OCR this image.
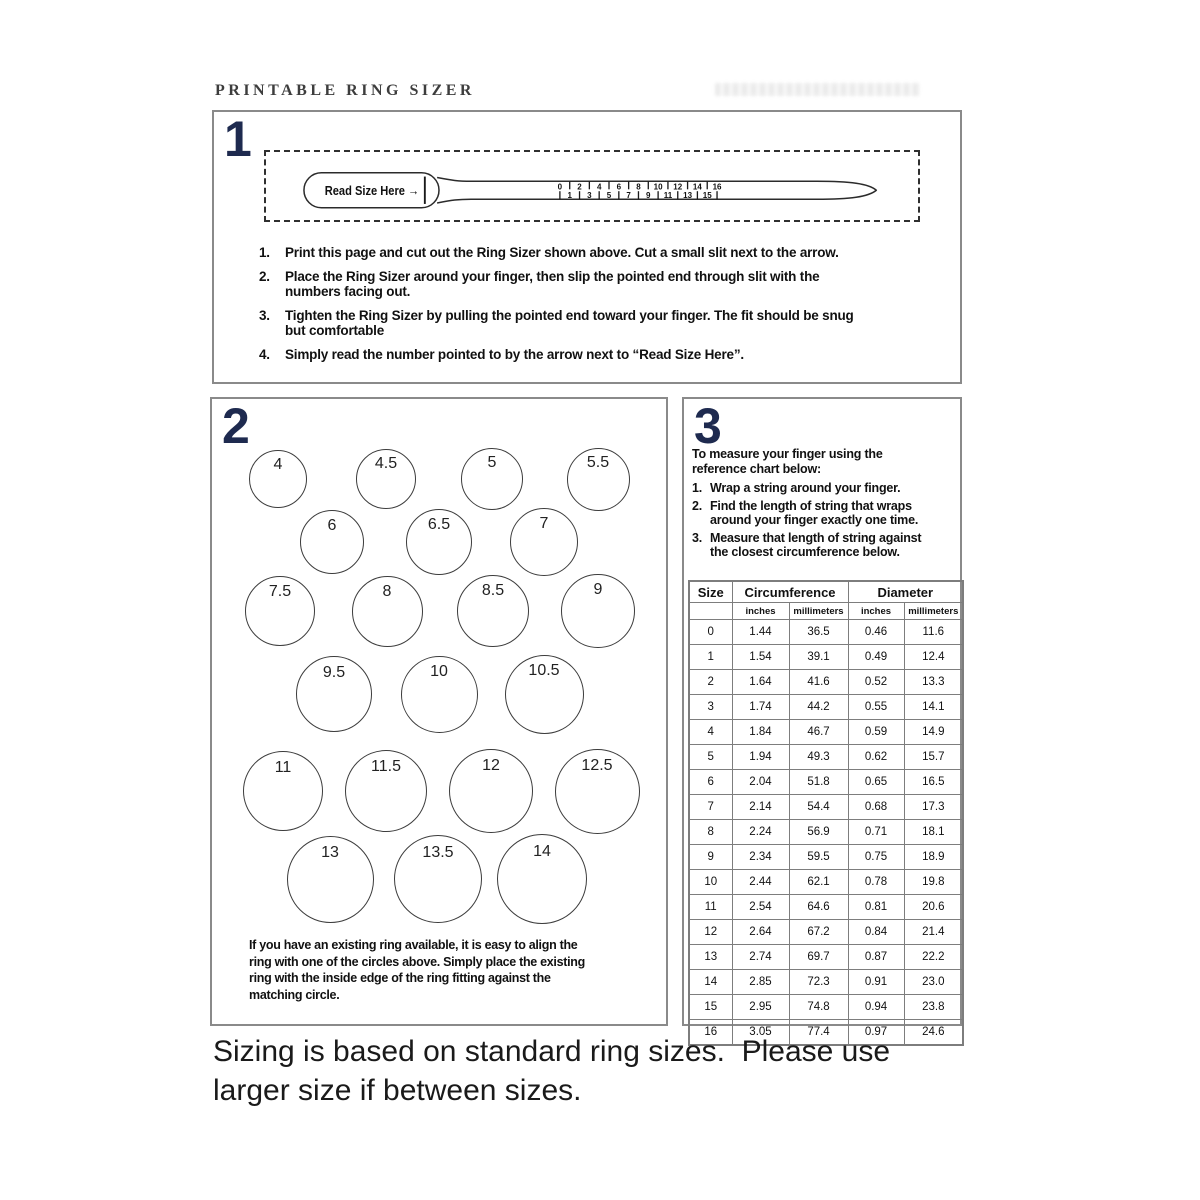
PRINTABLE RING SIZER
1
Read Size Here →	0
1
2
3
4
5
6
7
8
9
10
11
12
13
14
15
16
1.	Print this page and cut out the Ring Sizer shown above. Cut a small slit next to the arrow.
2.	Place the Ring Sizer around your finger, then slip the pointed end through slit with the
numbers facing out.
3.	Tighten the Ring Sizer by pulling the pointed end toward your finger. The fit should be snug
but comfortable
4.	Simply read the number pointed to by the arrow next to “Read Size Here”.
2
4	4.5	5	5.5
6	6.5	7
7.5	8	8.5	9
9.5	10	10.5
11	11.5	12	12.5
13	13.5	14
If you have an existing ring available, it is easy to align the
ring with one of the circles above. Simply place the existing
ring with the inside edge of the ring fitting against the
matching circle.
3
To measure your finger using the
reference chart below:
1. Wrap a string around your finger.
2. Find the length of string that wraps
around your finger exactly one time.
3. Measure that length of string against
the closest circumference below.
Size	Circumference		Diameter	
	inches	millimeters	inches	millimeters
0	1.44	36.5	0.46	11.6
1	1.54	39.1	0.49	12.4
2	1.64	41.6	0.52	13.3
3	1.74	44.2	0.55	14.1
4	1.84	46.7	0.59	14.9
5	1.94	49.3	0.62	15.7
6	2.04	51.8	0.65	16.5
7	2.14	54.4	0.68	17.3
8	2.24	56.9	0.71	18.1
9	2.34	59.5	0.75	18.9
10	2.44	62.1	0.78	19.8
11	2.54	64.6	0.81	20.6
12	2.64	67.2	0.84	21.4
13	2.74	69.7	0.87	22.2
14	2.85	72.3	0.91	23.0
15	2.95	74.8	0.94	23.8
16	3.05	77.4	0.97	24.6
Sizing is based on standard ring sizes.  Please use
larger size if between sizes.
